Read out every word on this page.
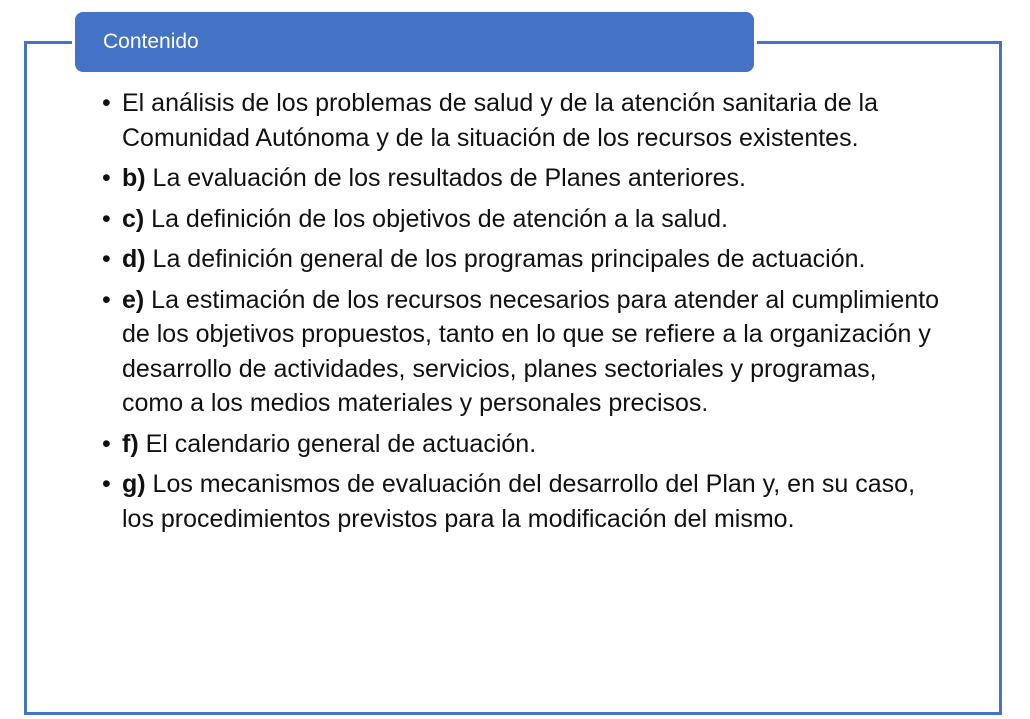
Contenido
• El análisis de los problemas de salud y de la atención sanitaria de la Comunidad Autónoma y de la situación de los recursos existentes.
• b) La evaluación de los resultados de Planes anteriores.
• c) La definición de los objetivos de atención a la salud.
• d) La definición general de los programas principales de actuación.
• e) La estimación de los recursos necesarios para atender al cumplimiento de los objetivos propuestos, tanto en lo que se refiere a la organización y desarrollo de actividades, servicios, planes sectoriales y programas, como a los medios materiales y personales precisos.
• f) El calendario general de actuación.
• g) Los mecanismos de evaluación del desarrollo del Plan y, en su caso, los procedimientos previstos para la modificación del mismo.
